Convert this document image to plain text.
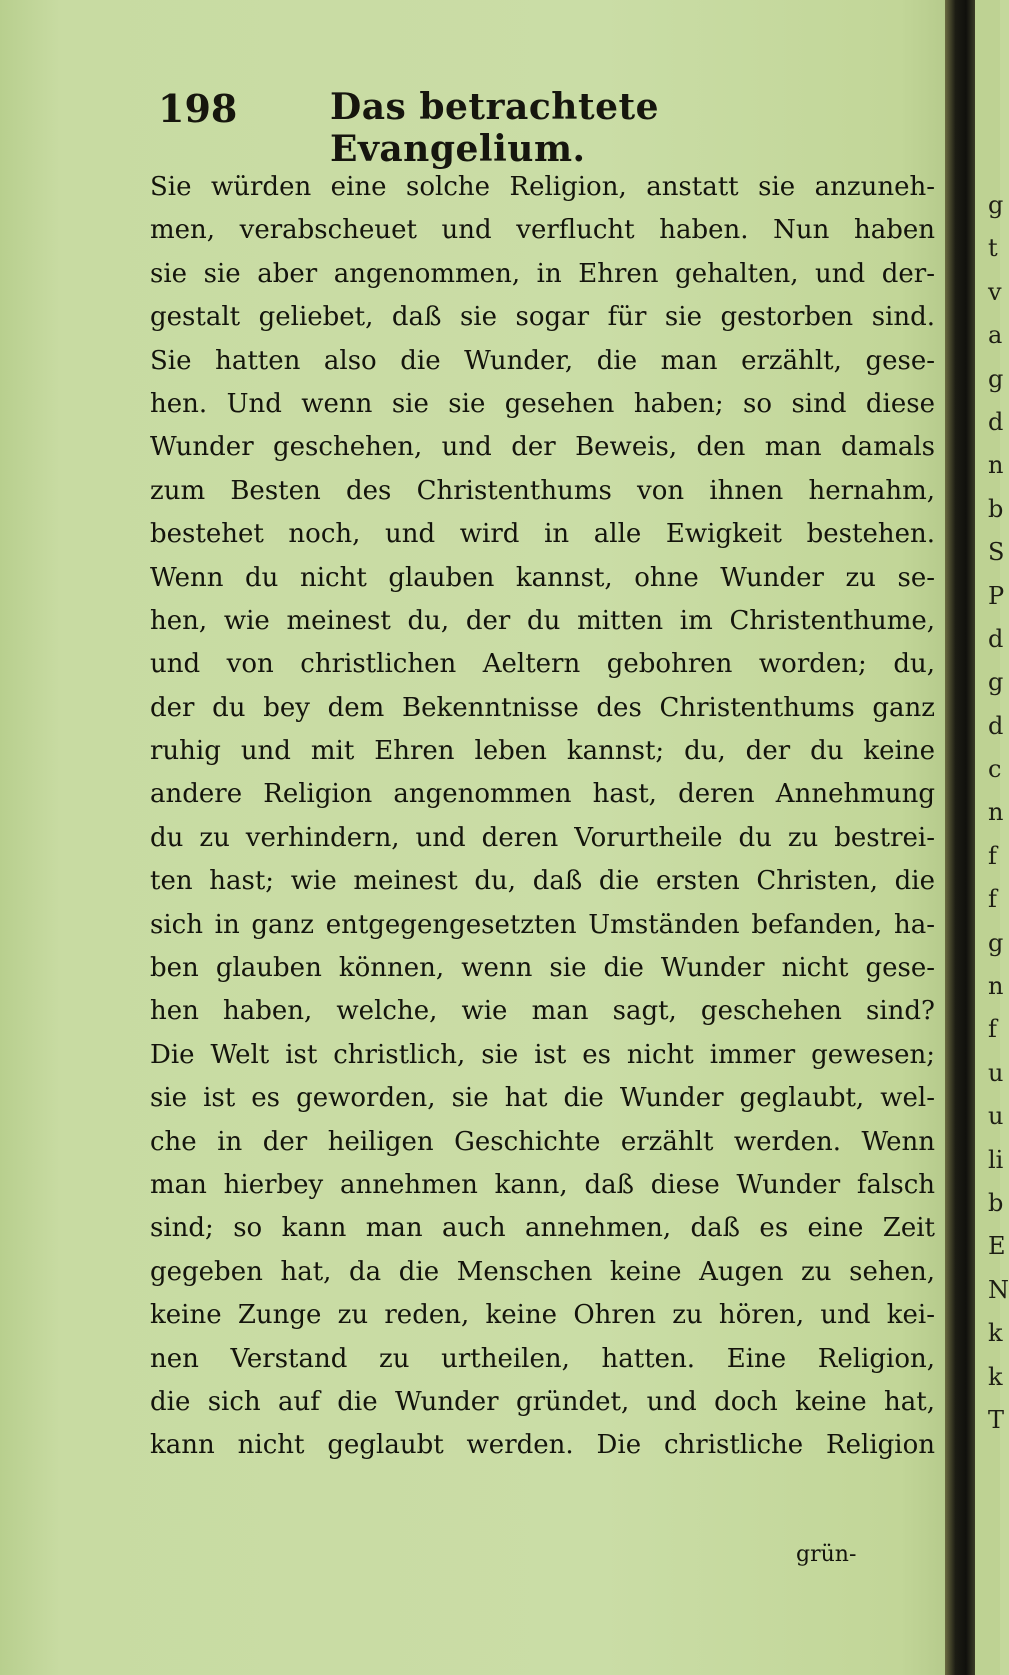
198	Das betrachtete Evangelium.
Sie würden eine solche Religion, anstatt sie anzuneh-
men, verabscheuet und verflucht haben. Nun haben
sie sie aber angenommen, in Ehren gehalten, und der-
gestalt geliebet, daß sie sogar für sie gestorben sind.
Sie hatten also die Wunder, die man erzählt, gese-
hen. Und wenn sie sie gesehen haben; so sind diese
Wunder geschehen, und der Beweis, den man damals
zum Besten des Christenthums von ihnen hernahm,
bestehet noch, und wird in alle Ewigkeit bestehen.
Wenn du nicht glauben kannst, ohne Wunder zu se-
hen, wie meinest du, der du mitten im Christenthume,
und von christlichen Aeltern gebohren worden; du,
der du bey dem Bekenntnisse des Christenthums ganz
ruhig und mit Ehren leben kannst; du, der du keine
andere Religion angenommen hast, deren Annehmung
du zu verhindern, und deren Vorurtheile du zu bestrei-
ten hast; wie meinest du, daß die ersten Christen, die
sich in ganz entgegengesetzten Umständen befanden, ha-
ben glauben können, wenn sie die Wunder nicht gese-
hen haben, welche, wie man sagt, geschehen sind?
Die Welt ist christlich, sie ist es nicht immer gewesen;
sie ist es geworden, sie hat die Wunder geglaubt, wel-
che in der heiligen Geschichte erzählt werden. Wenn
man hierbey annehmen kann, daß diese Wunder falsch
sind; so kann man auch annehmen, daß es eine Zeit
gegeben hat, da die Menschen keine Augen zu sehen,
keine Zunge zu reden, keine Ohren zu hören, und kei-
nen Verstand zu urtheilen, hatten. Eine Religion,
die sich auf die Wunder gründet, und doch keine hat,
kann nicht geglaubt werden. Die christliche Religion
grün-
g
t
v
a
g
d
n
b
S
P
d
g
d
c
n
f
f
g
n
f
u
u
li
b
E
N
k
k
T
